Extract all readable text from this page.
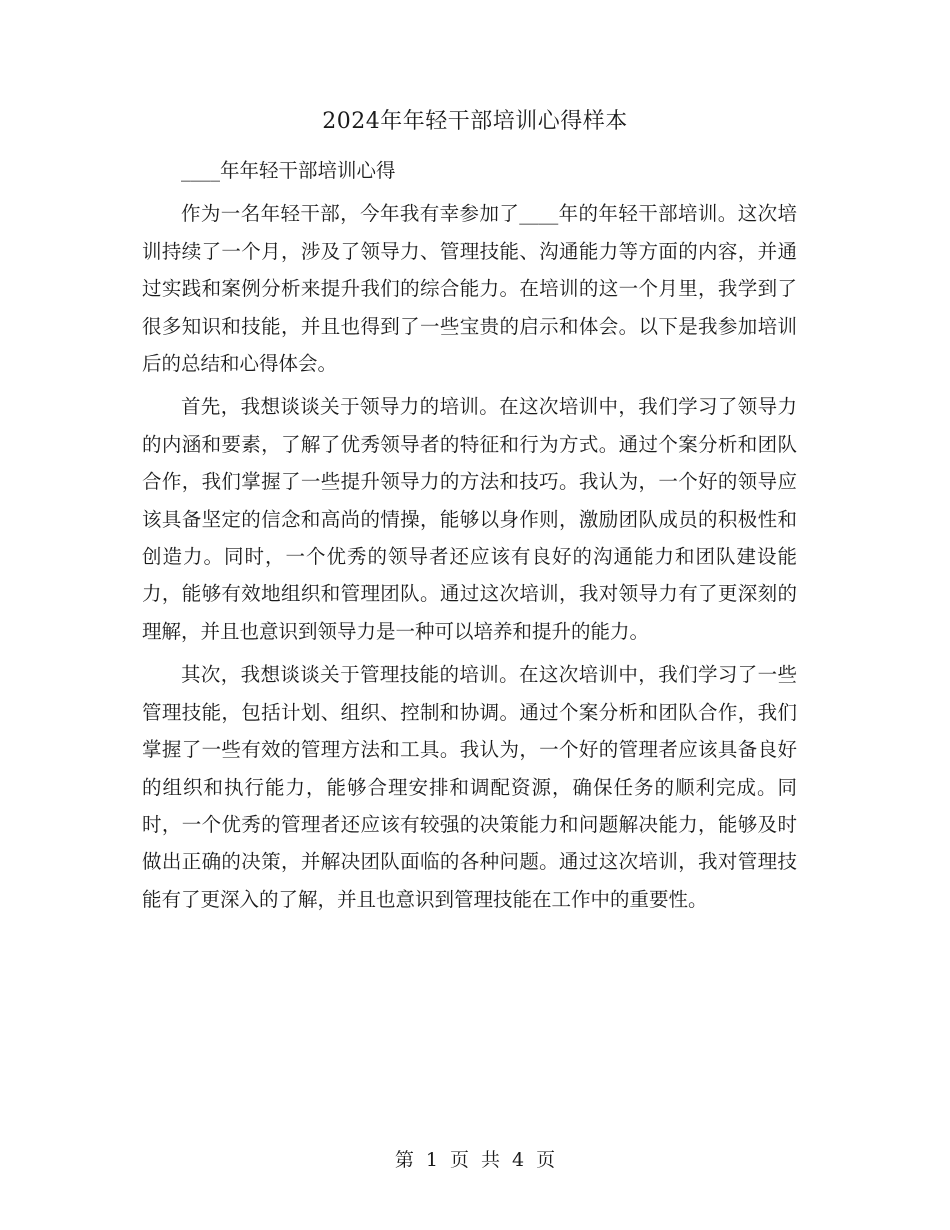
2024年年轻干部培训心得样本

____年年轻干部培训心得

作为一名年轻干部，今年我有幸参加了____年的年轻干部培训。这次培训持续了一个月，涉及了领导力、管理技能、沟通能力等方面的内容，并通过实践和案例分析来提升我们的综合能力。在培训的这一个月里，我学到了很多知识和技能，并且也得到了一些宝贵的启示和体会。以下是我参加培训后的总结和心得体会。

首先，我想谈谈关于领导力的培训。在这次培训中，我们学习了领导力的内涵和要素，了解了优秀领导者的特征和行为方式。通过个案分析和团队合作，我们掌握了一些提升领导力的方法和技巧。我认为，一个好的领导应该具备坚定的信念和高尚的情操，能够以身作则，激励团队成员的积极性和创造力。同时，一个优秀的领导者还应该有良好的沟通能力和团队建设能力，能够有效地组织和管理团队。通过这次培训，我对领导力有了更深刻的理解，并且也意识到领导力是一种可以培养和提升的能力。

其次，我想谈谈关于管理技能的培训。在这次培训中，我们学习了一些管理技能，包括计划、组织、控制和协调。通过个案分析和团队合作，我们掌握了一些有效的管理方法和工具。我认为，一个好的管理者应该具备良好的组织和执行能力，能够合理安排和调配资源，确保任务的顺利完成。同时，一个优秀的管理者还应该有较强的决策能力和问题解决能力，能够及时做出正确的决策，并解决团队面临的各种问题。通过这次培训，我对管理技能有了更深入的了解，并且也意识到管理技能在工作中的重要性。

第 1 页 共 4 页
